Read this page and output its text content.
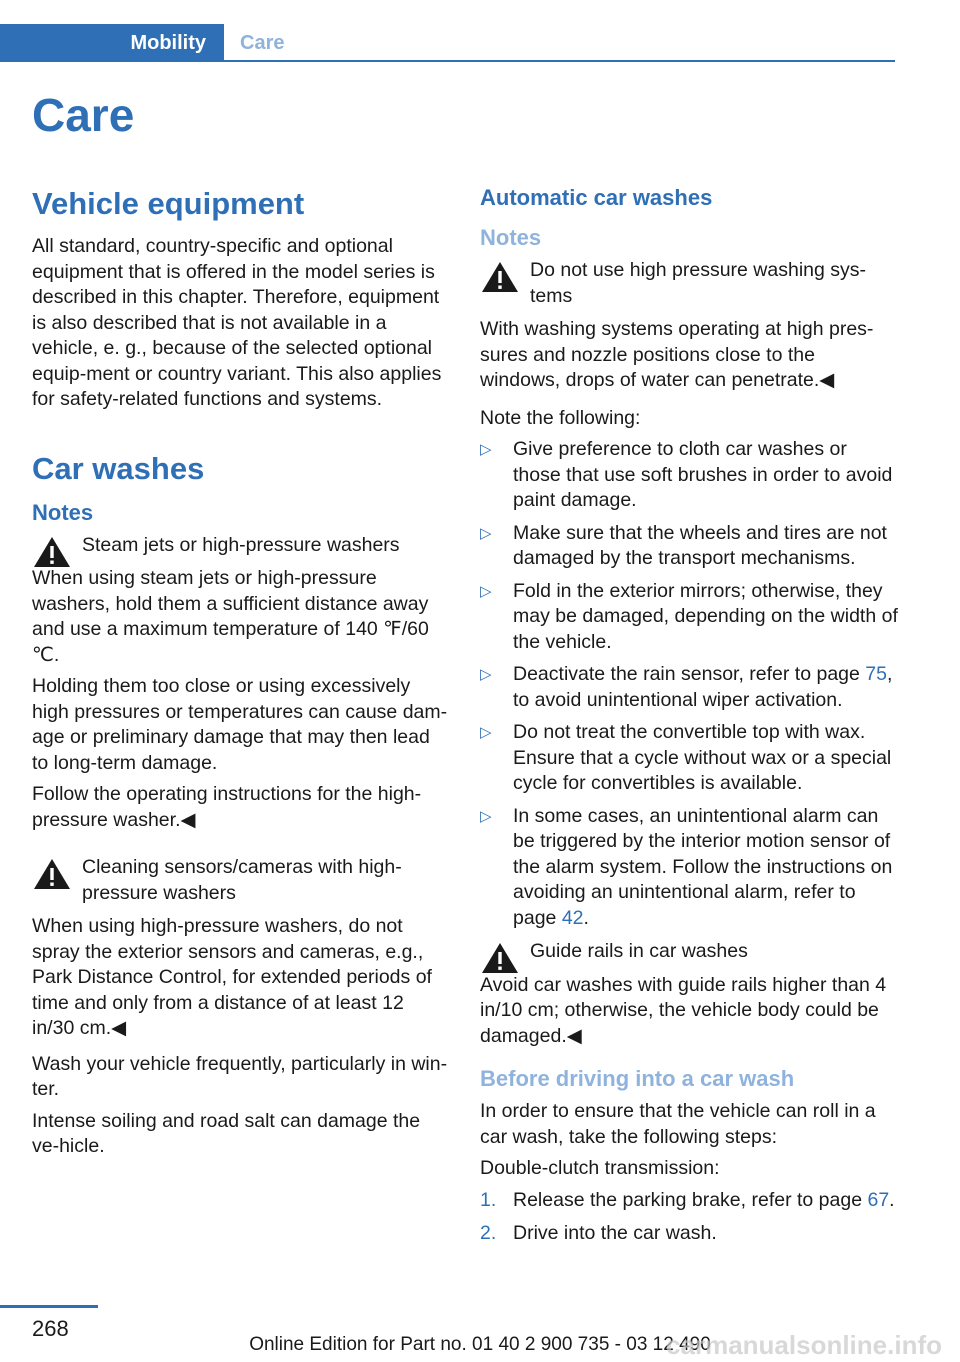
Mobility	Care
Care
Vehicle equipment

All standard, country-specific and optional equipment that is offered in the model series is described in this chapter. Therefore, equipment is also described that is not available in a vehicle, e. g., because of the selected optional equip-ment or country variant. This also applies for safety-related functions and systems.

Car washes
Notes
Steam jets or high-pressure washers

When using steam jets or high-pressure washers, hold them a sufficient distance away and use a maximum temperature of 140 ℉/60 ℃.

Holding them too close or using excessively high pressures or temperatures can cause dam-age or preliminary damage that may then lead to long-term damage.

Follow the operating instructions for the high-pressure washer.◀

Cleaning sensors/cameras with high-pressure washers

When using high-pressure washers, do not spray the exterior sensors and cameras, e.g., Park Distance Control, for extended periods of time and only from a distance of at least 12 in/30 cm.◀

Wash your vehicle frequently, particularly in win-ter.

Intense soiling and road salt can damage the ve-hicle.

Automatic car washes
Notes
Do not use high pressure washing sys-tems

With washing systems operating at high pres-sures and nozzle positions close to the windows, drops of water can penetrate.◀

Note the following:

▷ Give preference to cloth car washes or those that use soft brushes in order to avoid paint damage.
▷ Make sure that the wheels and tires are not damaged by the transport mechanisms.
▷ Fold in the exterior mirrors; otherwise, they may be damaged, depending on the width of the vehicle.
▷ Deactivate the rain sensor, refer to page 75, to avoid unintentional wiper activation.
▷ Do not treat the convertible top with wax. Ensure that a cycle without wax or a special cycle for convertibles is available.
▷ In some cases, an unintentional alarm can be triggered by the interior motion sensor of the alarm system. Follow the instructions on avoiding an unintentional alarm, refer to page 42.
Guide rails in car washes

Avoid car washes with guide rails higher than 4 in/10 cm; otherwise, the vehicle body could be damaged.◀

Before driving into a car wash

In order to ensure that the vehicle can roll in a car wash, take the following steps:

Double-clutch transmission:

1. Release the parking brake, refer to page 67.
2. Drive into the car wash.
268
Online Edition for Part no. 01 40 2 900 735 - 03 12 490
carmanualsonline.info
